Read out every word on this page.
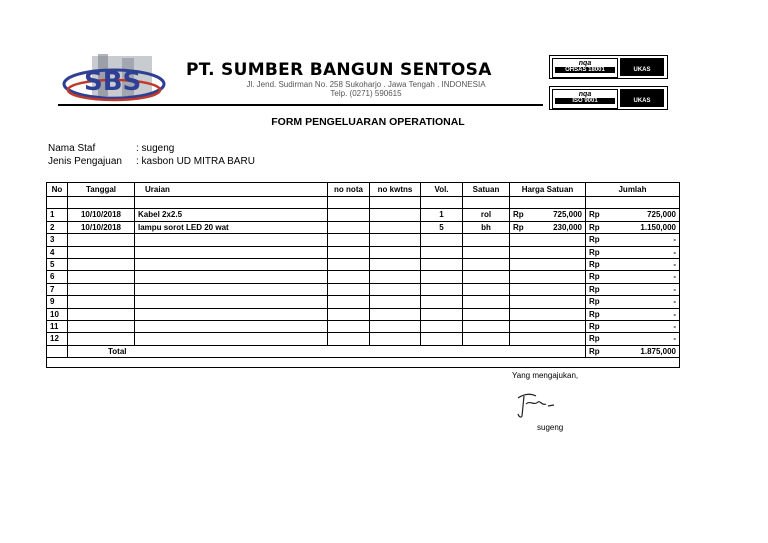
SBS	PT. SUMBER BANGUN SENTOSA
Jl. Jend. Sudirman No. 258 Sukoharjo . Jawa Tengah . INDONESIA
Telp. (0271) 590615
nqa
OHSAS 18001	UKAS
nqa
ISO 9001	UKAS
FORM PENGELUARAN OPERATIONAL
Nama Staf	: sugeng
Jenis Pengajuan : kasbon UD MITRA BARU
No	Tanggal	Uraian	no nota	no kwtns	Vol.	Satuan	Harga Satuan	Jumlah

1	10/10/2018	Kabel 2x2.5			1	rol	Rp 725,000	Rp 725,000
2	10/10/2018	lampu sorot LED 20 wat			5	bh	Rp 230,000	Rp 1.150,000
3								Rp -
4								Rp -
5								Rp -
6								Rp -
7								Rp -
9								Rp -
10								Rp -
11								Rp -
12								Rp -
	Total							Rp 1.875,000
Yang mengajukan,
sugeng
